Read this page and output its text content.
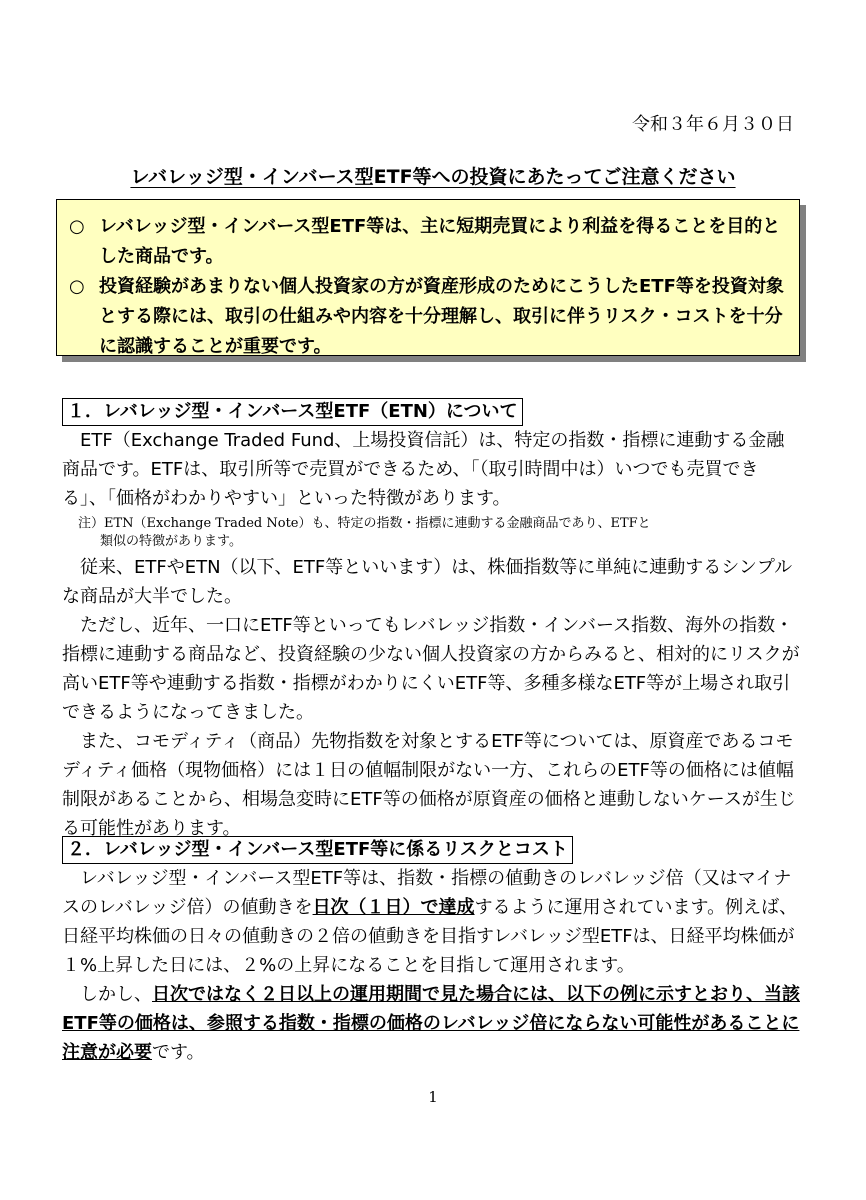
令和３年６月３０日
レバレッジ型・インバース型ETF等への投資にあたってご注意ください
○ レバレッジ型・インバース型ETF等は、主に短期売買により利益を得ることを目的とした商品です。
○ 投資経験があまりない個人投資家の方が資産形成のためにこうしたETF等を投資対象とする際には、取引の仕組みや内容を十分理解し、取引に伴うリスク・コストを十分に認識することが重要です。
１．レバレッジ型・インバース型ETF（ETN）について

ETF（Exchange Traded Fund、上場投資信託）は、特定の指数・指標に連動する金融商品です。ETFは、取引所等で売買ができるため、「（取引時間中は）いつでも売買できる」、「価格がわかりやすい」といった特徴があります。

注）ETN（Exchange Traded Note）も、特定の指数・指標に連動する金融商品であり、ETFと
類似の特徴があります。

従来、ETFやETN（以下、ETF等といいます）は、株価指数等に単純に連動するシンプルな商品が大半でした。

ただし、近年、一口にETF等といってもレバレッジ指数・インバース指数、海外の指数・指標に連動する商品など、投資経験の少ない個人投資家の方からみると、相対的にリスクが高いETF等や連動する指数・指標がわかりにくいETF等、多種多様なETF等が上場され取引できるようになってきました。

また、コモディティ（商品）先物指数を対象とするETF等については、原資産であるコモディティ価格（現物価格）には１日の値幅制限がない一方、これらのETF等の価格には値幅制限があることから、相場急変時にETF等の価格が原資産の価格と連動しないケースが生じる可能性があります。

２．レバレッジ型・インバース型ETF等に係るリスクとコスト

レバレッジ型・インバース型ETF等は、指数・指標の値動きのレバレッジ倍（又はマイナスのレバレッジ倍）の値動きを日次（１日）で達成するように運用されています。例えば、日経平均株価の日々の値動きの２倍の値動きを目指すレバレッジ型ETFは、日経平均株価が１%上昇した日には、２%の上昇になることを目指して運用されます。

しかし、日次ではなく２日以上の運用期間で見た場合には、以下の例に示すとおり、当該ETF等の価格は、参照する指数・指標の価格のレバレッジ倍にならない可能性があることに注意が必要です。

1
